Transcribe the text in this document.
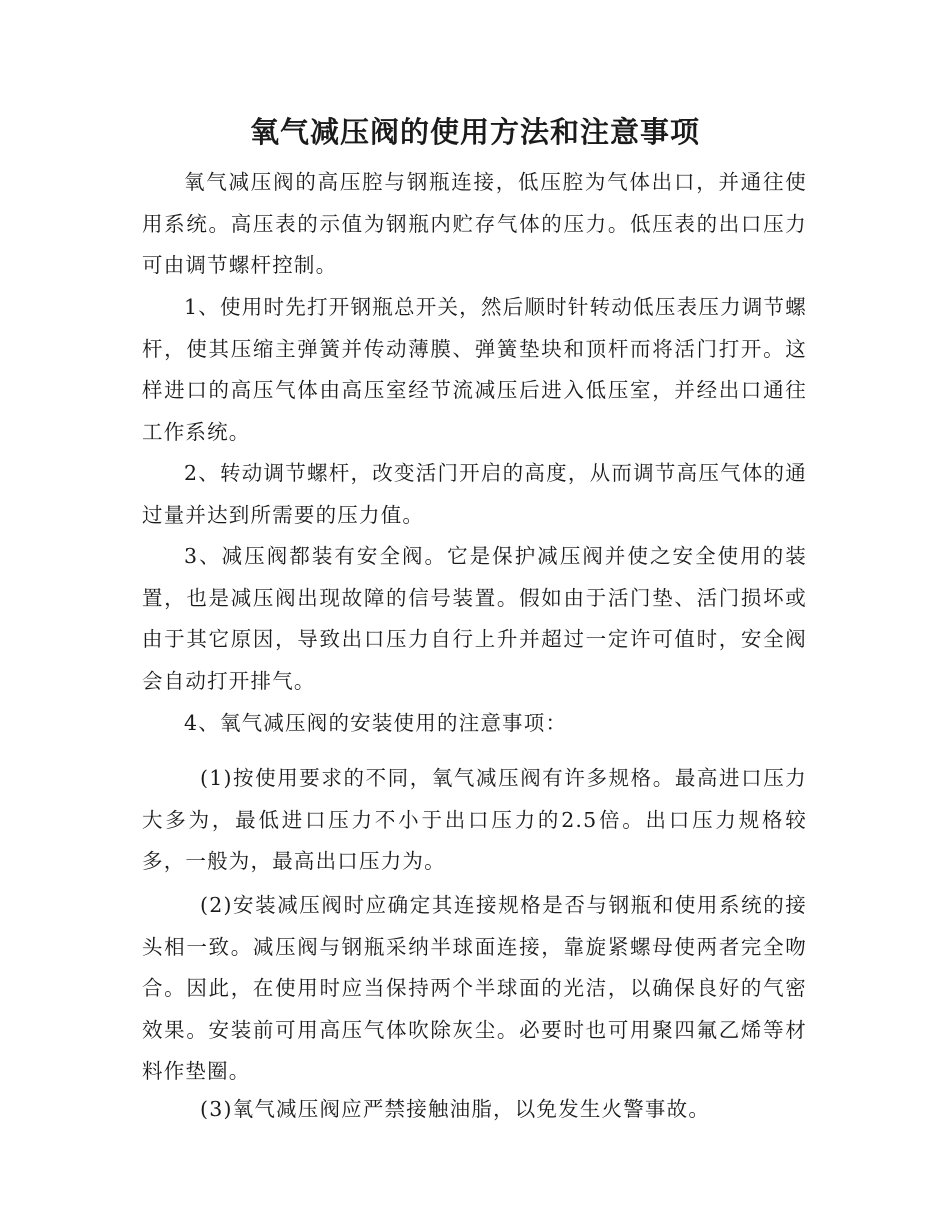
氧气减压阀的使用方法和注意事项

氧气减压阀的高压腔与钢瓶连接，低压腔为气体出口，并通往使用系统。高压表的示值为钢瓶内贮存气体的压力。低压表的出口压力可由调节螺杆控制。

1、使用时先打开钢瓶总开关，然后顺时针转动低压表压力调节螺杆，使其压缩主弹簧并传动薄膜、弹簧垫块和顶杆而将活门打开。这样进口的高压气体由高压室经节流减压后进入低压室，并经出口通往工作系统。

2、转动调节螺杆，改变活门开启的高度，从而调节高压气体的通过量并达到所需要的压力值。

3、减压阀都装有安全阀。它是保护减压阀并使之安全使用的装置，也是减压阀出现故障的信号装置。假如由于活门垫、活门损坏或由于其它原因，导致出口压力自行上升并超过一定许可值时，安全阀会自动打开排气。

4、氧气减压阀的安装使用的注意事项：

(1)按使用要求的不同，氧气减压阀有许多规格。最高进口压力大多为，最低进口压力不小于出口压力的2.5倍。出口压力规格较多，一般为，最高出口压力为。

(2)安装减压阀时应确定其连接规格是否与钢瓶和使用系统的接头相一致。减压阀与钢瓶采纳半球面连接，靠旋紧螺母使两者完全吻合。因此，在使用时应当保持两个半球面的光洁，以确保良好的气密效果。安装前可用高压气体吹除灰尘。必要时也可用聚四氟乙烯等材料作垫圈。

(3)氧气减压阀应严禁接触油脂，以免发生火警事故。
